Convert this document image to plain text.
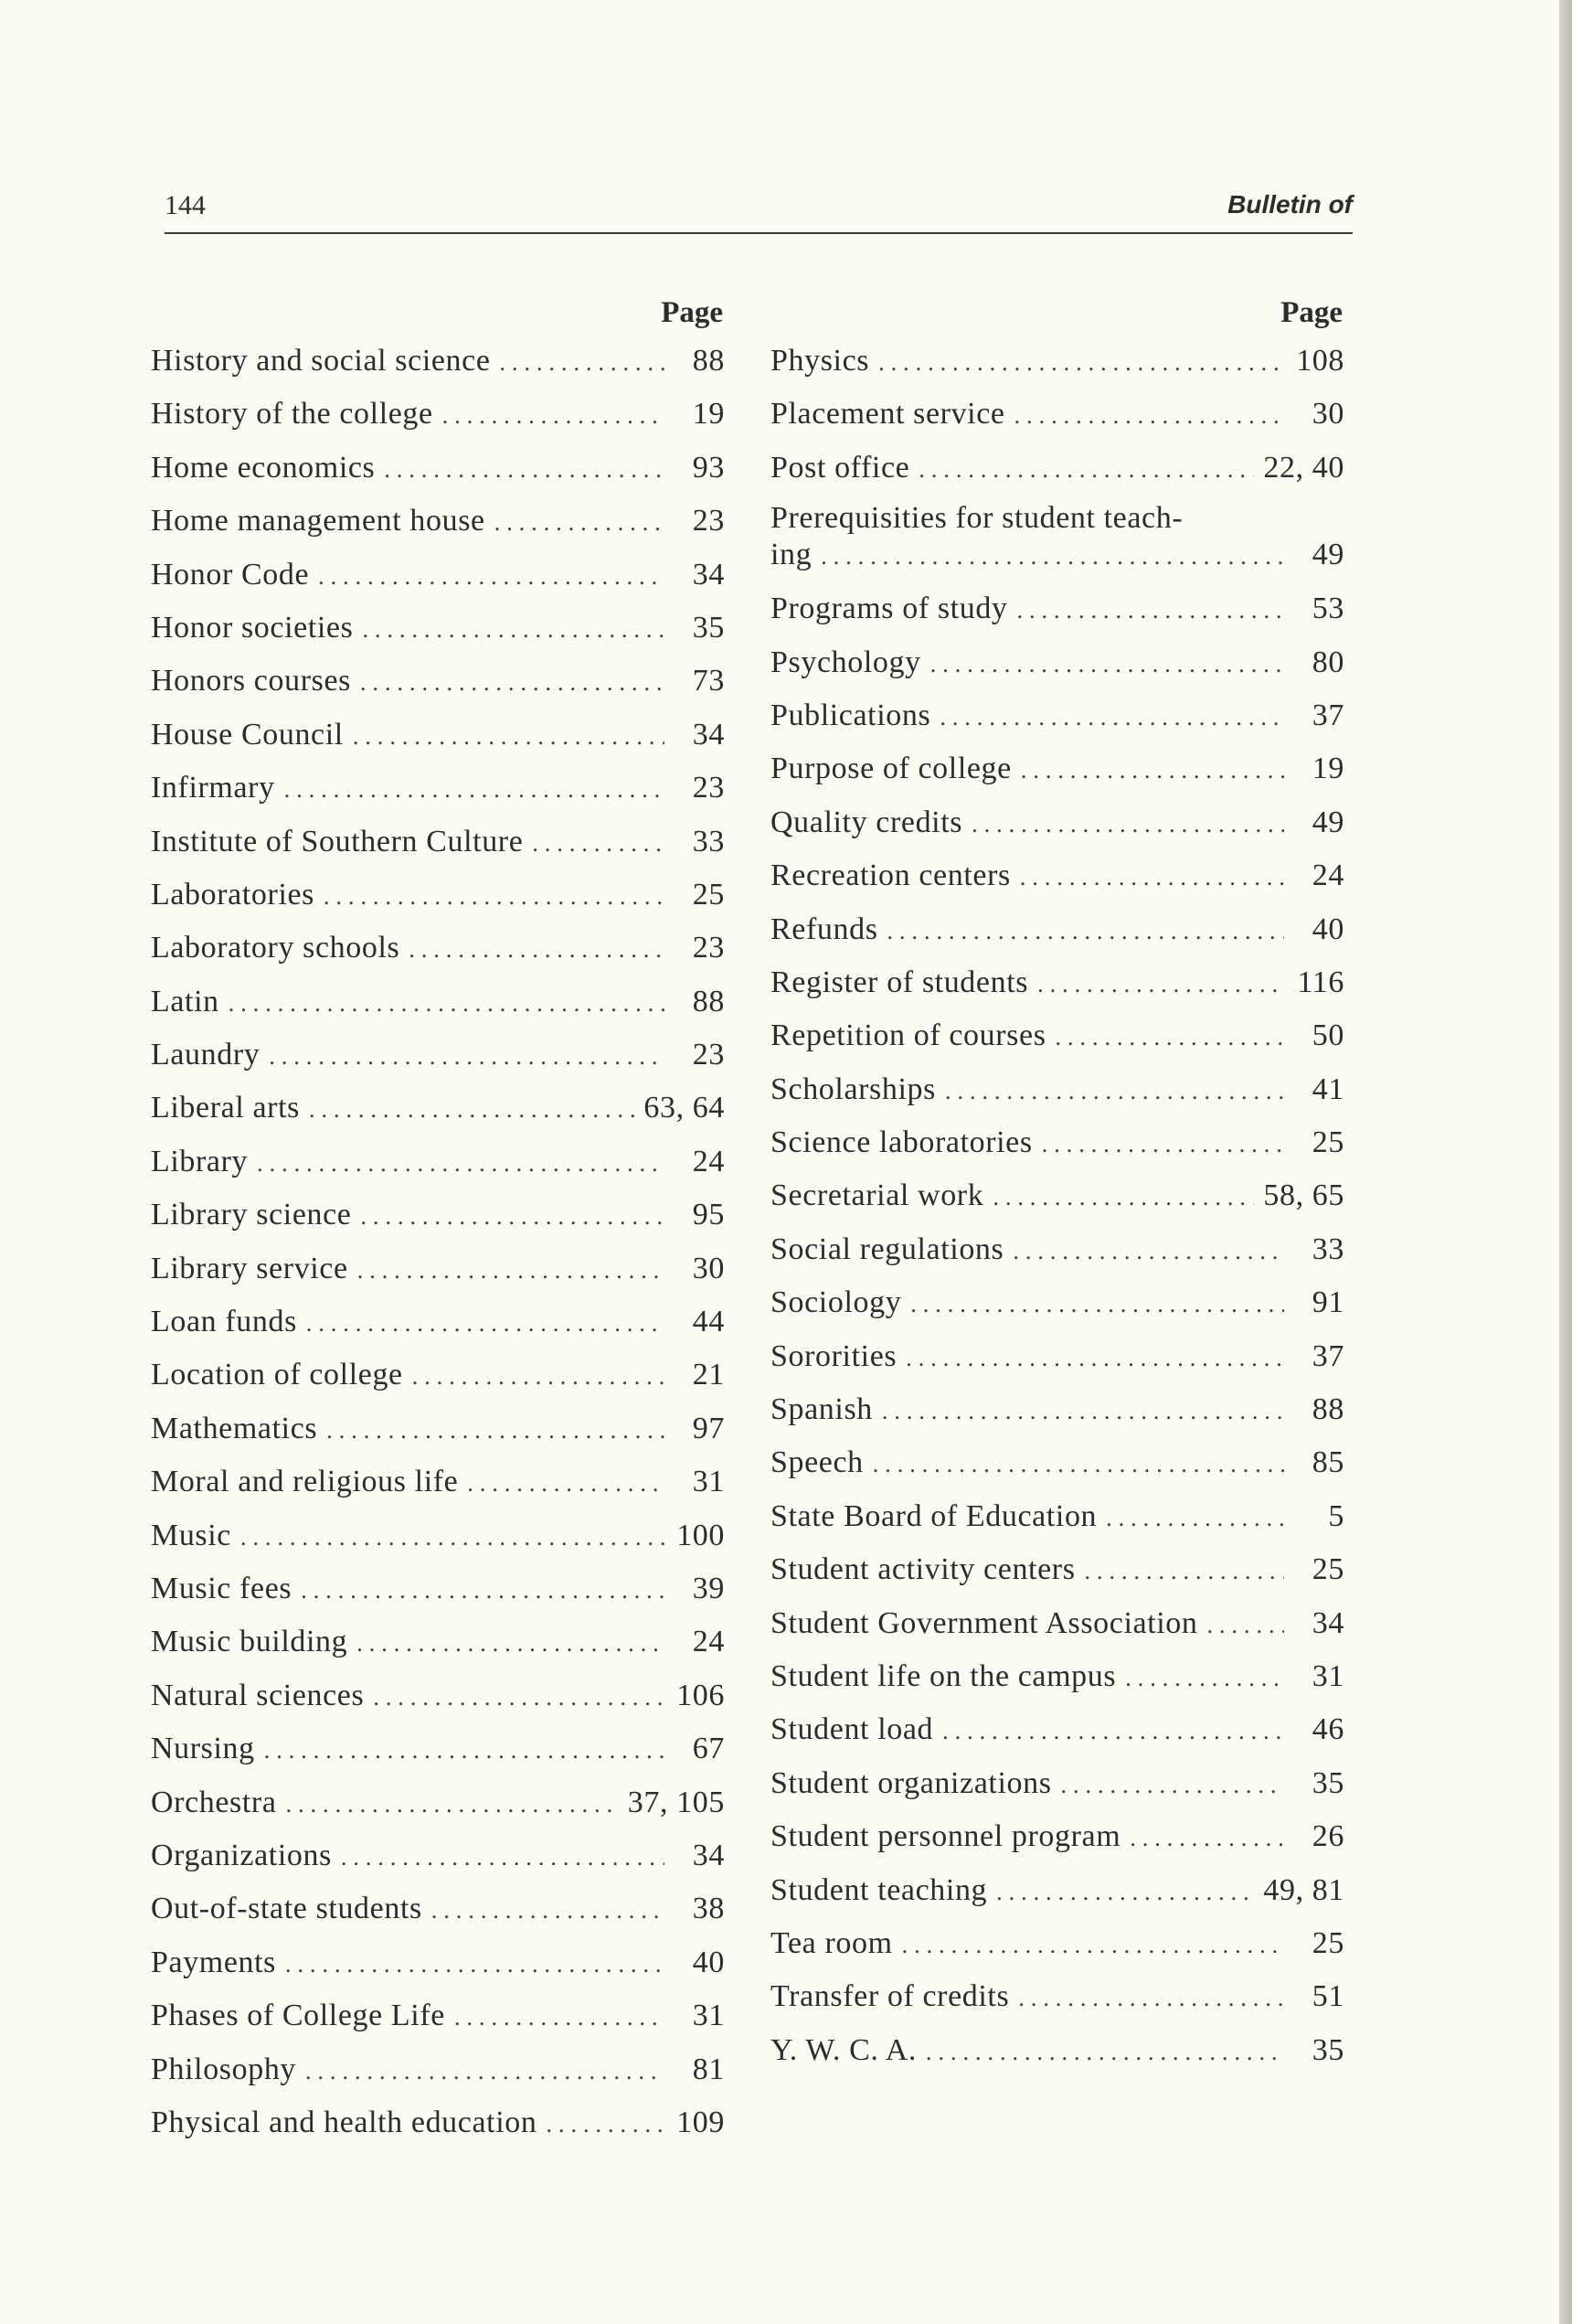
144	Bulletin of
Page
History and social science .....	88
History of the college .....	19
Home economics .....	93
Home management house .....	23
Honor Code .....	34
Honor societies .....	35
Honors courses .....	73
House Council .....	34
Infirmary .....	23
Institute of Southern Culture .....	33
Laboratories .....	25
Laboratory schools .....	23
Latin .....	88
Laundry .....	23
Liberal arts .....	63, 64
Library .....	24
Library science .....	95
Library service .....	30
Loan funds .....	44
Location of college .....	21
Mathematics .....	97
Moral and religious life .....	31
Music .....	100
Music fees .....	39
Music building .....	24
Natural sciences .....	106
Nursing .....	67
Orchestra .....	37, 105
Organizations .....	34
Out-of-state students .....	38
Payments .....	40
Phases of College Life .....	31
Philosophy .....	81
Physical and health education .....	109
Page
Physics .....	108
Placement service .....	30
Post office .....	22, 40
Prerequisities for student teach-
ing .....	49
Programs of study .....	53
Psychology .....	80
Publications .....	37
Purpose of college .....	19
Quality credits .....	49
Recreation centers .....	24
Refunds .....	40
Register of students .....	116
Repetition of courses .....	50
Scholarships .....	41
Science laboratories .....	25
Secretarial work .....	58, 65
Social regulations .....	33
Sociology .....	91
Sororities .....	37
Spanish .....	88
Speech .....	85
State Board of Education .....	5
Student activity centers .....	25
Student Government Association .....	34
Student life on the campus .....	31
Student load .....	46
Student organizations .....	35
Student personnel program .....	26
Student teaching .....	49, 81
Tea room .....	25
Transfer of credits .....	51
Y. W. C. A. .....	35
